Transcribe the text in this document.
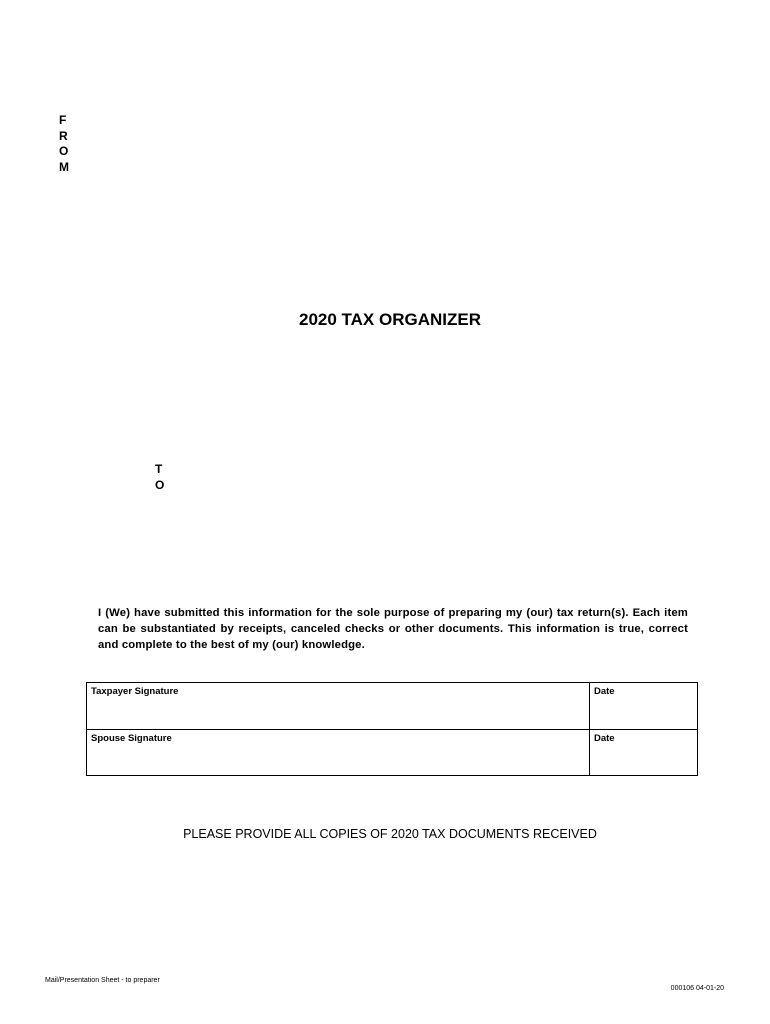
F
R
O
M
2020 TAX ORGANIZER
T
O
I (We) have submitted this information for the sole purpose of preparing my (our) tax return(s). Each item can be substantiated by receipts, canceled checks or other documents. This information is true, correct and complete to the best of my (our) knowledge.
Taxpayer Signature	Date
Spouse Signature	Date
PLEASE PROVIDE ALL COPIES OF 2020 TAX DOCUMENTS RECEIVED
Mail/Presentation Sheet - to preparer
000106 04-01-20
